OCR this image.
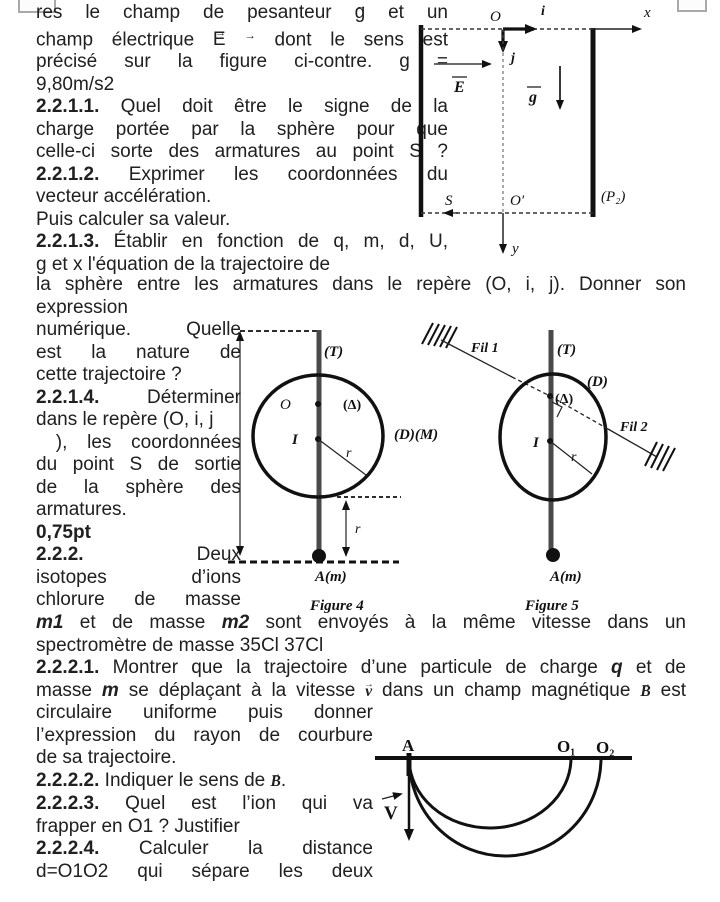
res le champ de pesanteur g → et un
champ électrique E → → dont le sens est
précisé sur la figure ci-contre. g =
9,80m/s2
2.2.1.1. Quel doit être le signe de la
charge portée par la sphère pour que
celle-ci sorte des armatures au point S ?
2.2.1.2. Exprimer les coordonnées du
vecteur accélération.
Puis calculer sa valeur.
2.2.1.3. Établir en fonction de q, m, d, U,
g et x l'équation de la trajectoire de
la sphère entre les armatures dans le repère (O, i, j). Donner son
expression
numérique. Quelle
est la nature de
cette trajectoire ?
2.2.1.4. Déterminer
dans le repère (O, i, j
), les coordonnées
du point S de sortie
de la sphère des
armatures.
0,75pt
2.2.2. Deux
isotopes d’ions
chlorure de masse
m1 et de masse m2 sont envoyés à la même vitesse dans un
spectromètre de masse 35Cl 37Cl
2.2.2.1. Montrer que la trajectoire d’une particule de charge q et de
masse m se déplaçant à la vitesse v → dans un champ magnétique B → est
circulaire uniforme puis donner
l’expression du rayon de courbure
de sa trajectoire.
2.2.2.2. Indiquer le sens de B →.
2.2.2.3. Quel est l’ion qui va
frapper en O1 ? Justifier
2.2.2.4. Calculer la distance
d=O1O2 qui sépare les deux
O	i
j
x
y
E
g
S	O′	(P₂)
(T)
O	(Δ)
I
r
(D)(M)
r
A(m)
Figure 4
Fil 1	(T)
(D)
(Δ)
Fil 2
I
r
A(m)
Figure 5
A	O₁ O₂
V
